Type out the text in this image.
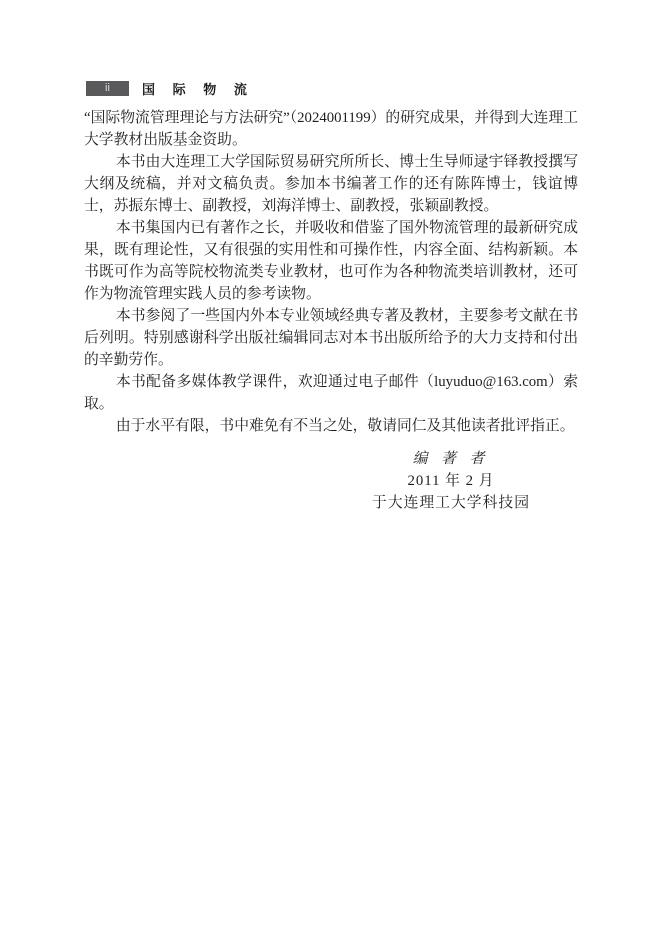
ii	国 际 物 流

“国际物流管理理论与方法研究”（2024001199）的研究成果，并得到大连理工大学教材出版基金资助。

本书由大连理工大学国际贸易研究所所长、博士生导师逯宇铎教授撰写大纲及统稿，并对文稿负责。参加本书编著工作的还有陈阵博士，钱谊博士，苏振东博士、副教授，刘海洋博士、副教授，张颖副教授。

本书集国内已有著作之长，并吸收和借鉴了国外物流管理的最新研究成果，既有理论性，又有很强的实用性和可操作性，内容全面、结构新颖。本书既可作为高等院校物流类专业教材，也可作为各种物流类培训教材，还可作为物流管理实践人员的参考读物。

本书参阅了一些国内外本专业领域经典专著及教材，主要参考文献在书后列明。特别感谢科学出版社编辑同志对本书出版所给予的大力支持和付出的辛勤劳作。

本书配备多媒体教学课件，欢迎通过电子邮件（luyuduo@163.com）索取。

由于水平有限，书中难免有不当之处，敬请同仁及其他读者批评指正。

编 著 者
2011 年 2 月
于大连理工大学科技园
